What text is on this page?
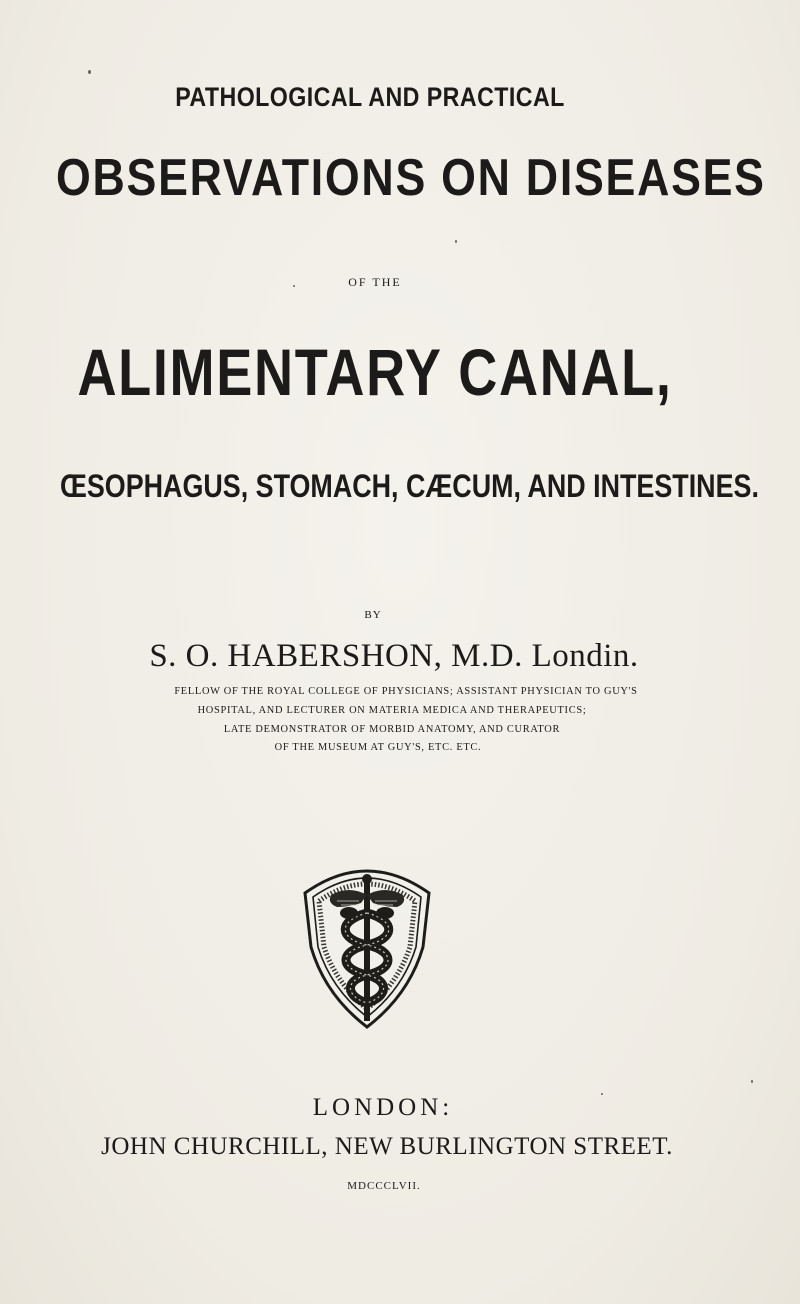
PATHOLOGICAL AND PRACTICAL
OBSERVATIONS ON DISEASES
OF THE
ALIMENTARY CANAL,
ŒSOPHAGUS, STOMACH, CÆCUM, AND INTESTINES.
BY
S. O. HABERSHON, M.D. Londin.
FELLOW OF THE ROYAL COLLEGE OF PHYSICIANS; ASSISTANT PHYSICIAN TO GUY'S
HOSPITAL, AND LECTURER ON MATERIA MEDICA AND THERAPEUTICS;
LATE DEMONSTRATOR OF MORBID ANATOMY, AND CURATOR
OF THE MUSEUM AT GUY'S, ETC. ETC.
LONDON:
JOHN CHURCHILL, NEW BURLINGTON STREET.
MDCCCLVII.
